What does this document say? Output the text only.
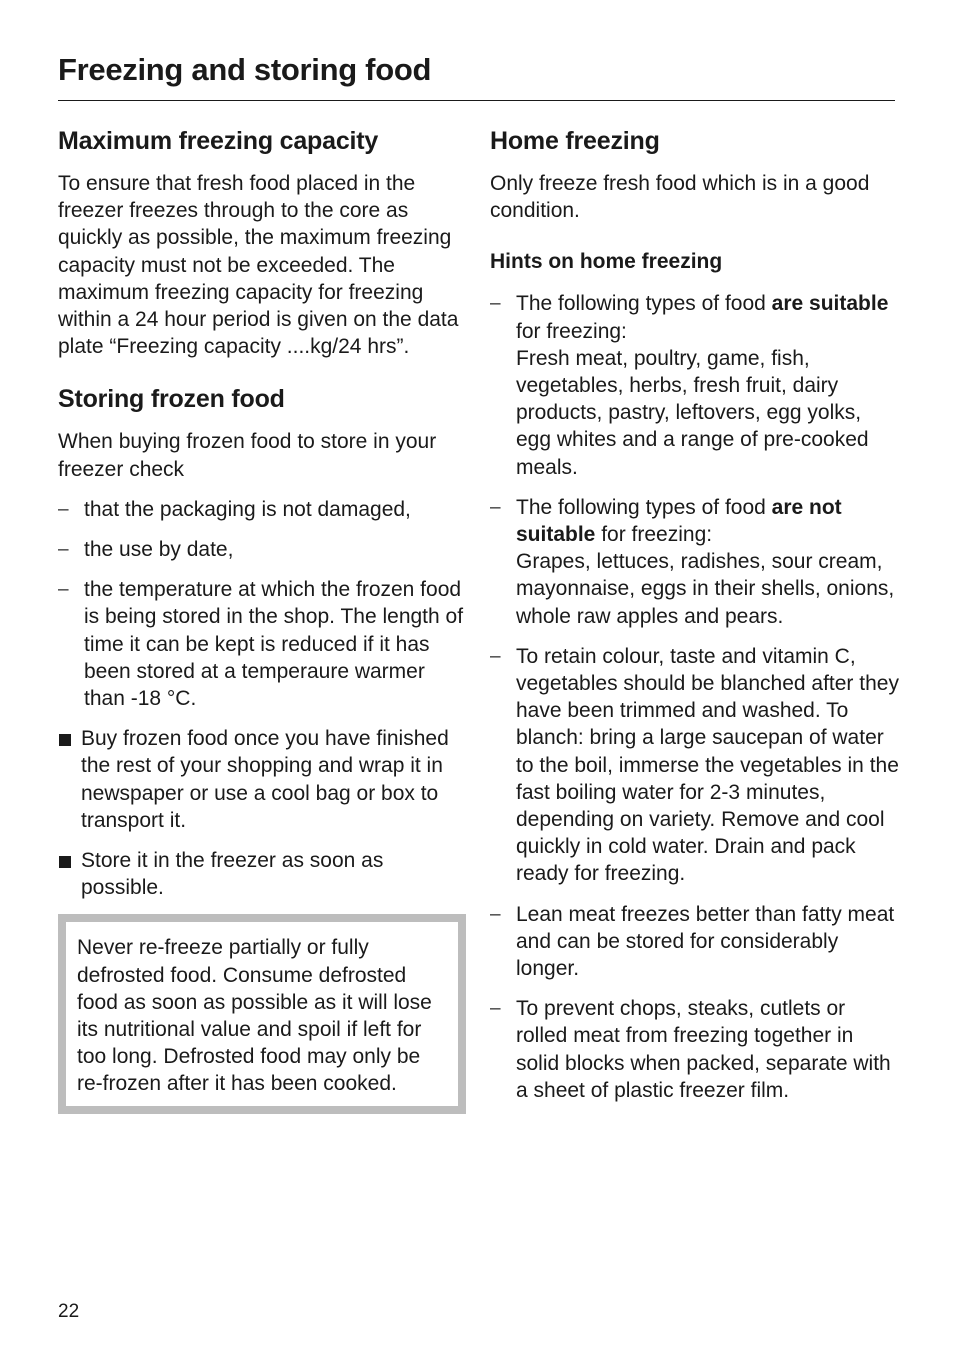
Freezing and storing food
Maximum freezing capacity

To ensure that fresh food placed in the freezer freezes through to the core as quickly as possible, the maximum freezing capacity must not be exceeded. The maximum freezing capacity for freezing within a 24 hour period is given on the data plate “Freezing capacity ....kg/24 hrs”.

Storing frozen food

When buying frozen food to store in your freezer check

– that the packaging is not damaged,
– the use by date,
– the temperature at which the frozen food is being stored in the shop. The length of time it can be kept is reduced if it has been stored at a temperaure warmer than -18 °C.
Buy frozen food once you have finished the rest of your shopping and wrap it in newspaper or use a cool bag or box to transport it.
Store it in the freezer as soon as possible.

Never re-freeze partially or fully defrosted food. Consume defrosted food as soon as possible as it will lose its nutritional value and spoil if left for too long. Defrosted food may only be re-frozen after it has been cooked.

Home freezing

Only freeze fresh food which is in a good condition.

Hints on home freezing
– The following types of food are suitable for freezing:
Fresh meat, poultry, game, fish, vegetables, herbs, fresh fruit, dairy products, pastry, leftovers, egg yolks, egg whites and a range of pre-cooked meals.
– The following types of food are not suitable for freezing:
Grapes, lettuces, radishes, sour cream, mayonnaise, eggs in their shells, onions, whole raw apples and pears.
– To retain colour, taste and vitamin C, vegetables should be blanched after they have been trimmed and washed. To blanch: bring a large saucepan of water to the boil, immerse the vegetables in the fast boiling water for 2-3 minutes, depending on variety. Remove and cool quickly in cold water. Drain and pack ready for freezing.
– Lean meat freezes better than fatty meat and can be stored for considerably longer.
– To prevent chops, steaks, cutlets or rolled meat from freezing together in solid blocks when packed, separate with a sheet of plastic freezer film.
22
